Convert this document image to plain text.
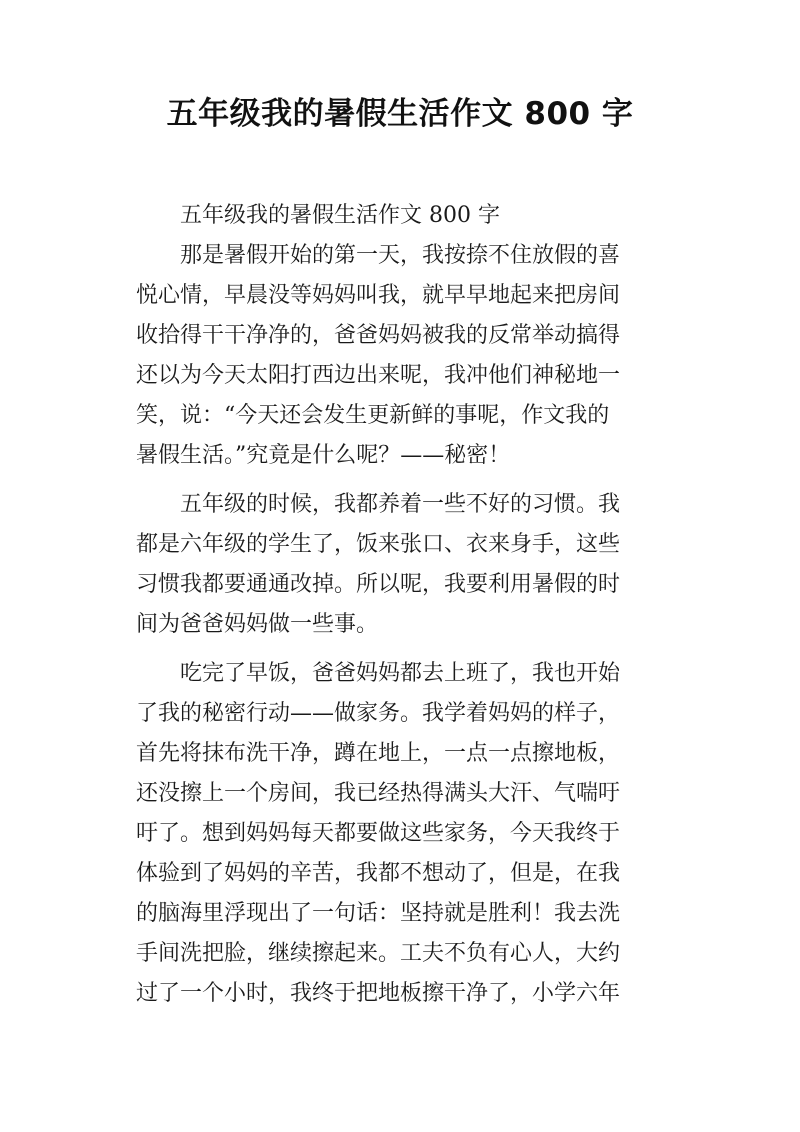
五年级我的暑假生活作文 800 字
五年级我的暑假生活作文 800 字
那是暑假开始的第一天，我按捺不住放假的喜
悦心情，早晨没等妈妈叫我，就早早地起来把房间
收拾得干干净净的，爸爸妈妈被我的反常举动搞得
还以为今天太阳打西边出来呢，我冲他们神秘地一
笑，说：“今天还会发生更新鲜的事呢，作文我的
暑假生活。”究竟是什么呢？——秘密！
五年级的时候，我都养着一些不好的习惯。我
都是六年级的学生了，饭来张口、衣来身手，这些
习惯我都要通通改掉。所以呢，我要利用暑假的时
间为爸爸妈妈做一些事。
吃完了早饭，爸爸妈妈都去上班了，我也开始
了我的秘密行动——做家务。我学着妈妈的样子，
首先将抹布洗干净，蹲在地上，一点一点擦地板，
还没擦上一个房间，我已经热得满头大汗、气喘吁
吁了。想到妈妈每天都要做这些家务，今天我终于
体验到了妈妈的辛苦，我都不想动了，但是，在我
的脑海里浮现出了一句话：坚持就是胜利！我去洗
手间洗把脸，继续擦起来。工夫不负有心人，大约
过了一个小时，我终于把地板擦干净了，小学六年
